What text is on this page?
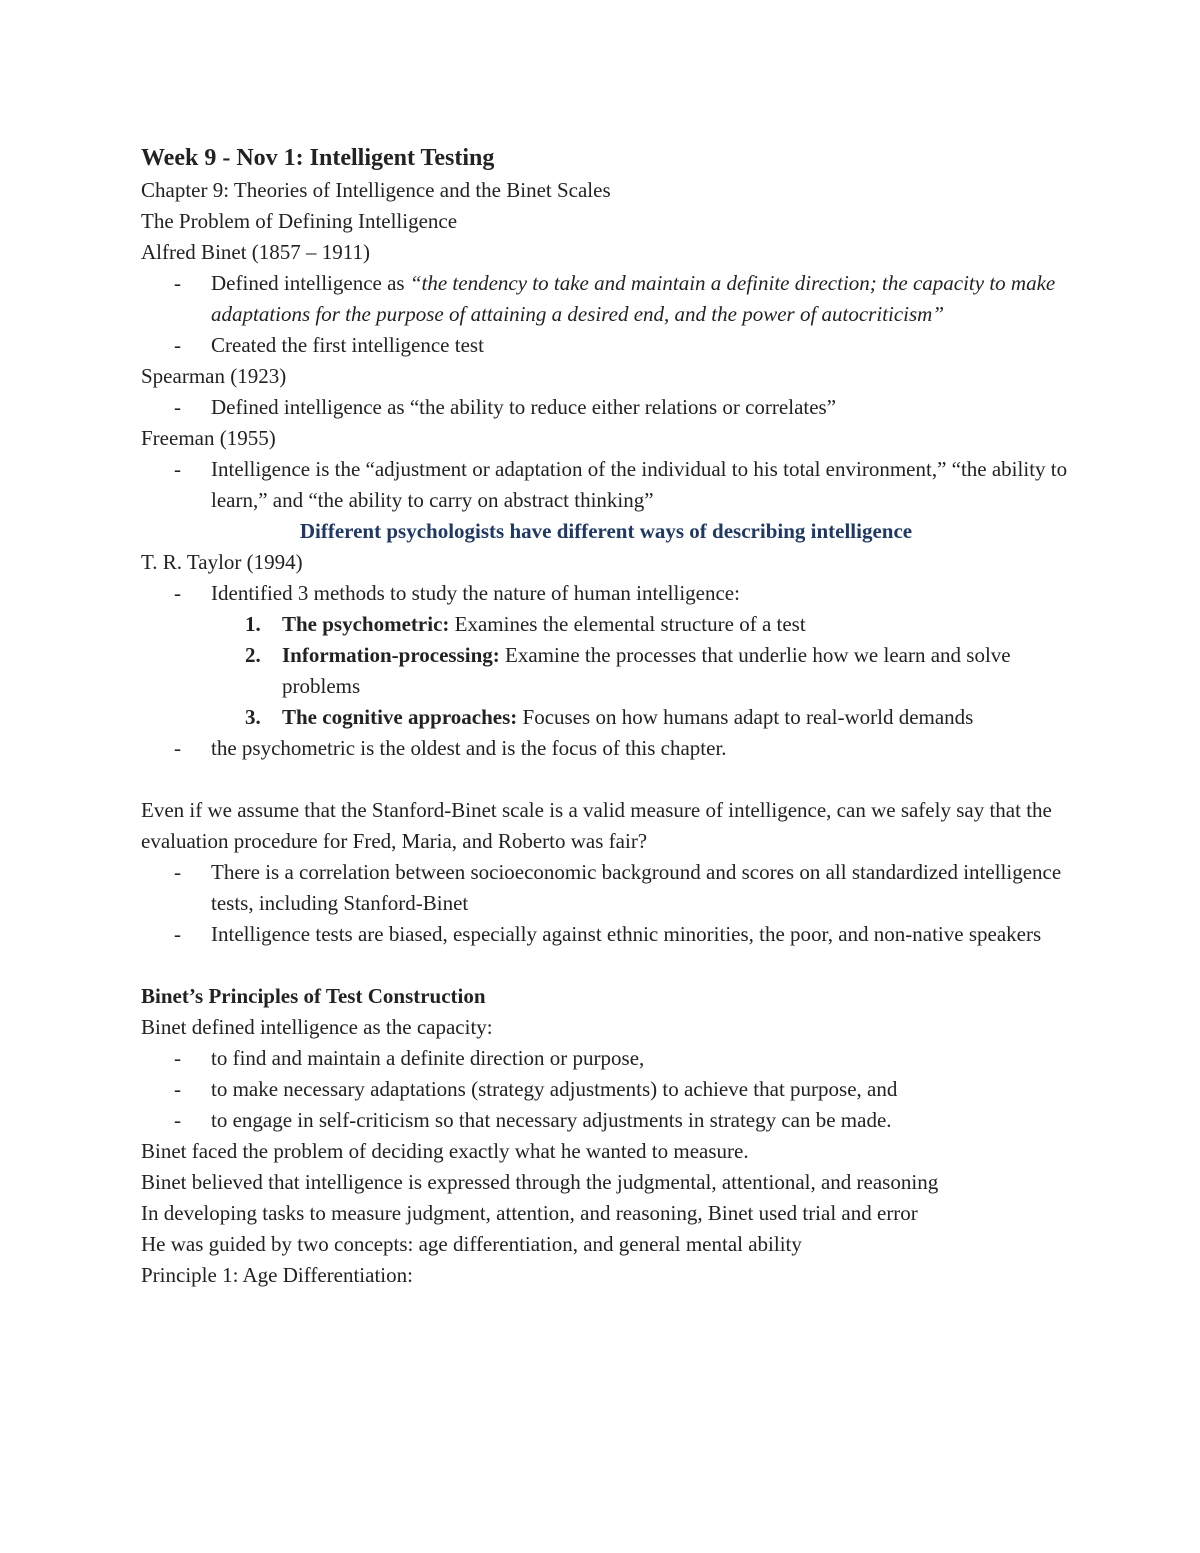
Week 9 - Nov 1: Intelligent Testing
Chapter 9: Theories of Intelligence and the Binet Scales
The Problem of Defining Intelligence
Alfred Binet (1857 – 1911)
- Defined intelligence as “the tendency to take and maintain a definite direction; the capacity to make adaptations for the purpose of attaining a desired end, and the power of autocriticism”
- Created the first intelligence test
Spearman (1923)
- Defined intelligence as “the ability to reduce either relations or correlates”
Freeman (1955)
- Intelligence is the “adjustment or adaptation of the individual to his total environment,” “the ability to learn,” and “the ability to carry on abstract thinking”
Different psychologists have different ways of describing intelligence
T. R. Taylor (1994)
- Identified 3 methods to study the nature of human intelligence:
1. The psychometric: Examines the elemental structure of a test
2. Information-processing: Examine the processes that underlie how we learn and solve problems
3. The cognitive approaches: Focuses on how humans adapt to real-world demands
- the psychometric is the oldest and is the focus of this chapter.
Even if we assume that the Stanford-Binet scale is a valid measure of intelligence, can we safely say that the evaluation procedure for Fred, Maria, and Roberto was fair?
- There is a correlation between socioeconomic background and scores on all standardized intelligence tests, including Stanford-Binet
- Intelligence tests are biased, especially against ethnic minorities, the poor, and non-native speakers
Binet’s Principles of Test Construction
Binet defined intelligence as the capacity:
- to find and maintain a definite direction or purpose,
- to make necessary adaptations (strategy adjustments) to achieve that purpose, and
- to engage in self-criticism so that necessary adjustments in strategy can be made.
Binet faced the problem of deciding exactly what he wanted to measure.
Binet believed that intelligence is expressed through the judgmental, attentional, and reasoning
In developing tasks to measure judgment, attention, and reasoning, Binet used trial and error
He was guided by two concepts: age differentiation, and general mental ability
Principle 1: Age Differentiation:
